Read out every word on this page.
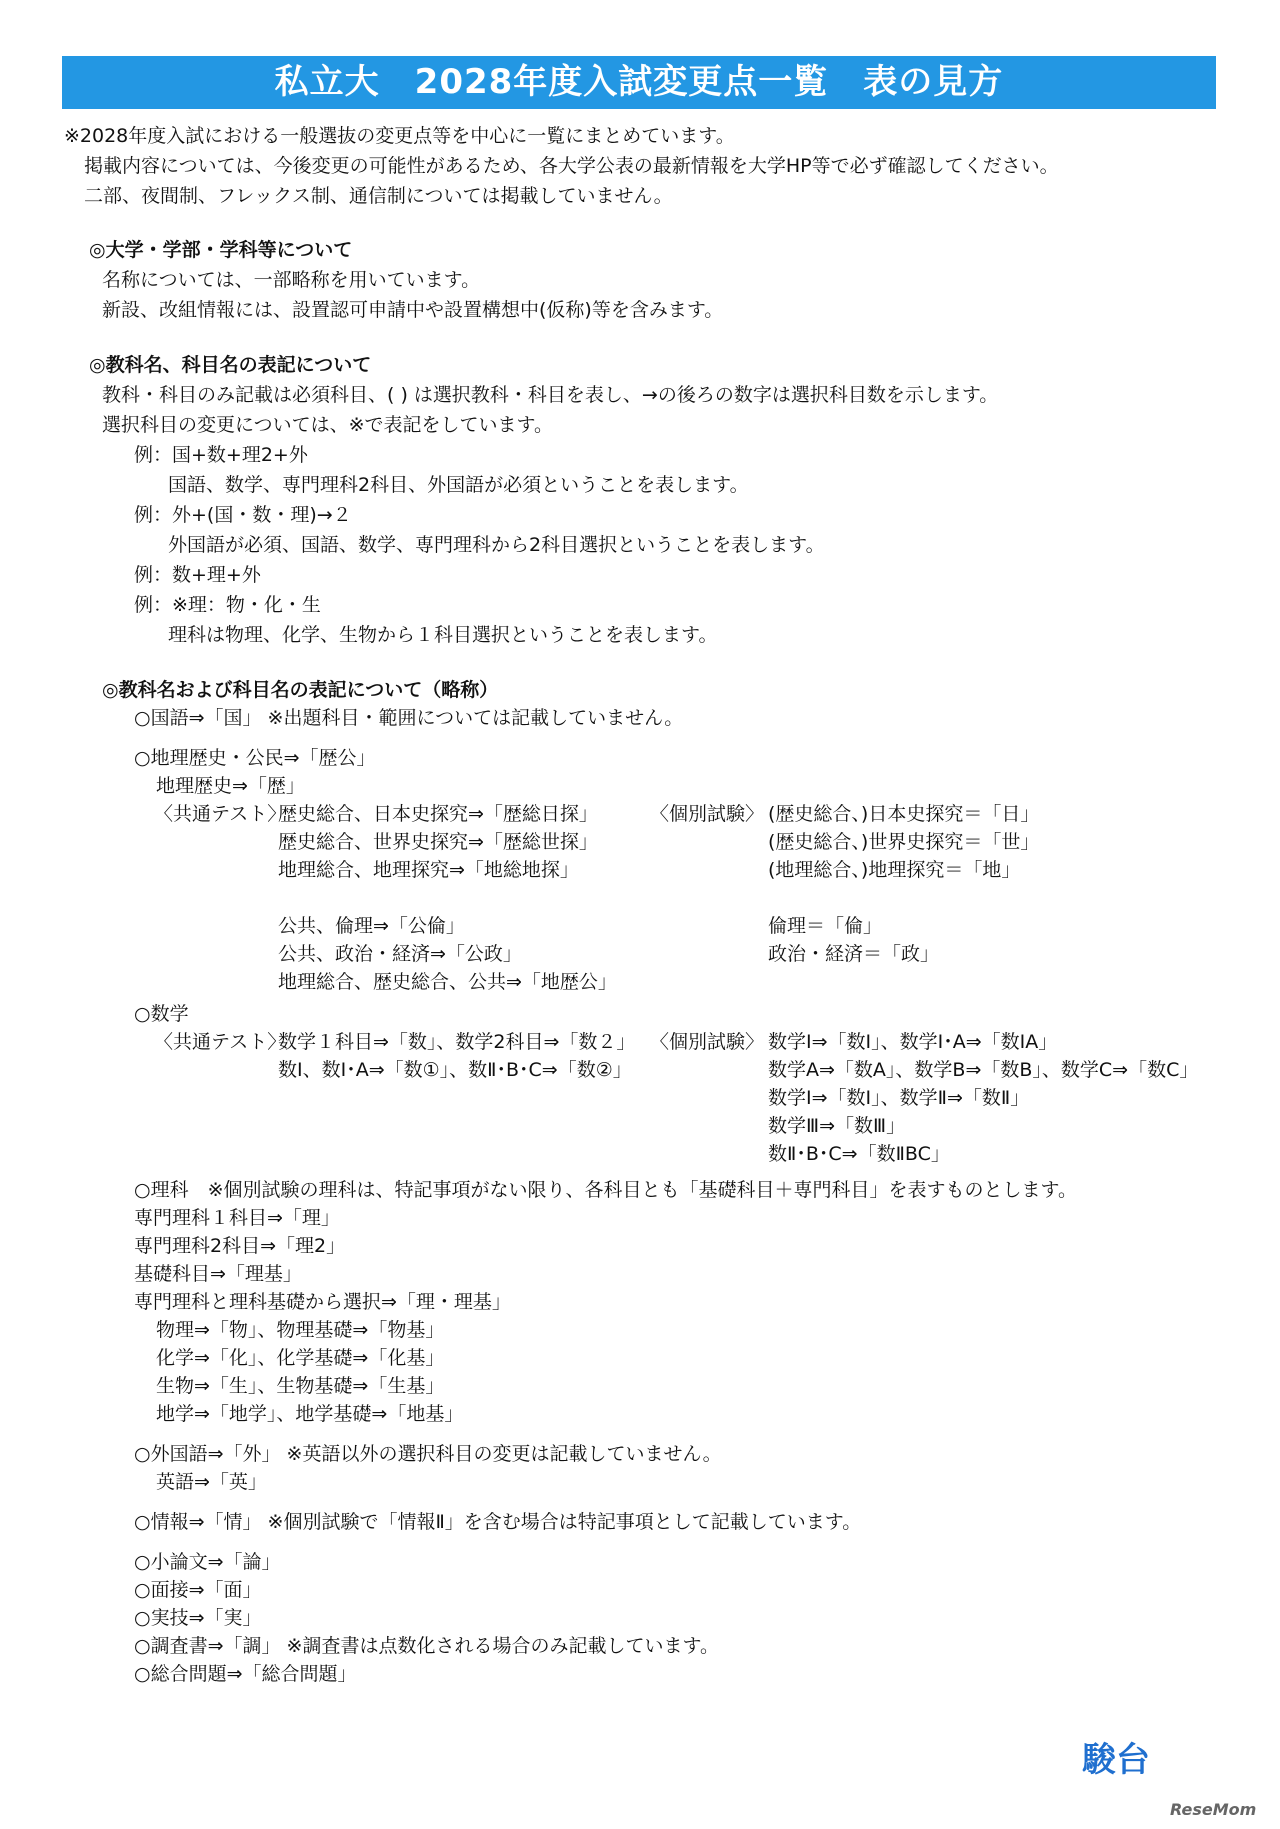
私立大　2028年度入試変更点一覧　表の見方
※2028年度入試における一般選抜の変更点等を中心に一覧にまとめています。
掲載内容については、今後変更の可能性があるため、各大学公表の最新情報を大学HP等で必ず確認してください。
二部、夜間制、フレックス制、通信制については掲載していません。
◎大学・学部・学科等について
名称については、一部略称を用いています。
新設、改組情報には、設置認可申請中や設置構想中(仮称)等を含みます。
◎教科名、科目名の表記について
教科・科目のみ記載は必須科目、( ) は選択教科・科目を表し、→の後ろの数字は選択科目数を示します。
選択科目の変更については、※で表記をしています。
例：国+数+理2+外
国語、数学、専門理科2科目、外国語が必須ということを表します。
例：外+(国・数・理)→２
外国語が必須、国語、数学、専門理科から2科目選択ということを表します。
例：数+理+外
例：※理：物・化・生
理科は物理、化学、生物から１科目選択ということを表します。
◎教科名および科目名の表記について（略称）
○国語⇒「国」 ※出題科目・範囲については記載していません。
○地理歴史・公民⇒「歴公」
地理歴史⇒「歴」
〈共通テスト〉	〈個別試験〉
歴史総合、日本史探究⇒「歴総日探」
歴史総合、世界史探究⇒「歴総世探」
地理総合、地理探究⇒「地総地探」
(歴史総合、)日本史探究＝「日」
(歴史総合、)世界史探究＝「世」
(地理総合、)地理探究＝「地」
公共、倫理⇒「公倫」
公共、政治・経済⇒「公政」
地理総合、歴史総合、公共⇒「地歴公」
倫理＝「倫」
政治・経済＝「政」
○数学
〈共通テスト〉	〈個別試験〉
数学１科目⇒「数」、数学2科目⇒「数２」
数Ⅰ、数Ⅰ･A⇒「数①」、数Ⅱ･B･C⇒「数②」
数学Ⅰ⇒「数Ⅰ」、数学Ⅰ･A⇒「数ⅠA」
数学A⇒「数A」、数学B⇒「数B」、数学C⇒「数C」
数学Ⅰ⇒「数Ⅰ」、数学Ⅱ⇒「数Ⅱ」
数学Ⅲ⇒「数Ⅲ」
数Ⅱ･B･C⇒「数ⅡBC」
○理科　※個別試験の理科は、特記事項がない限り、各科目とも「基礎科目＋専門科目」を表すものとします。
専門理科１科目⇒「理」
専門理科2科目⇒「理2」
基礎科目⇒「理基」
専門理科と理科基礎から選択⇒「理・理基」
物理⇒「物」、物理基礎⇒「物基」
化学⇒「化」、化学基礎⇒「化基」
生物⇒「生」、生物基礎⇒「生基」
地学⇒「地学」、地学基礎⇒「地基」
○外国語⇒「外」 ※英語以外の選択科目の変更は記載していません。
英語⇒「英」
○情報⇒「情」 ※個別試験で「情報Ⅱ」を含む場合は特記事項として記載しています。
○小論文⇒「論」
○面接⇒「面」
○実技⇒「実」
○調査書⇒「調」 ※調査書は点数化される場合のみ記載しています。
○総合問題⇒「総合問題」
駿台
ReseMom
